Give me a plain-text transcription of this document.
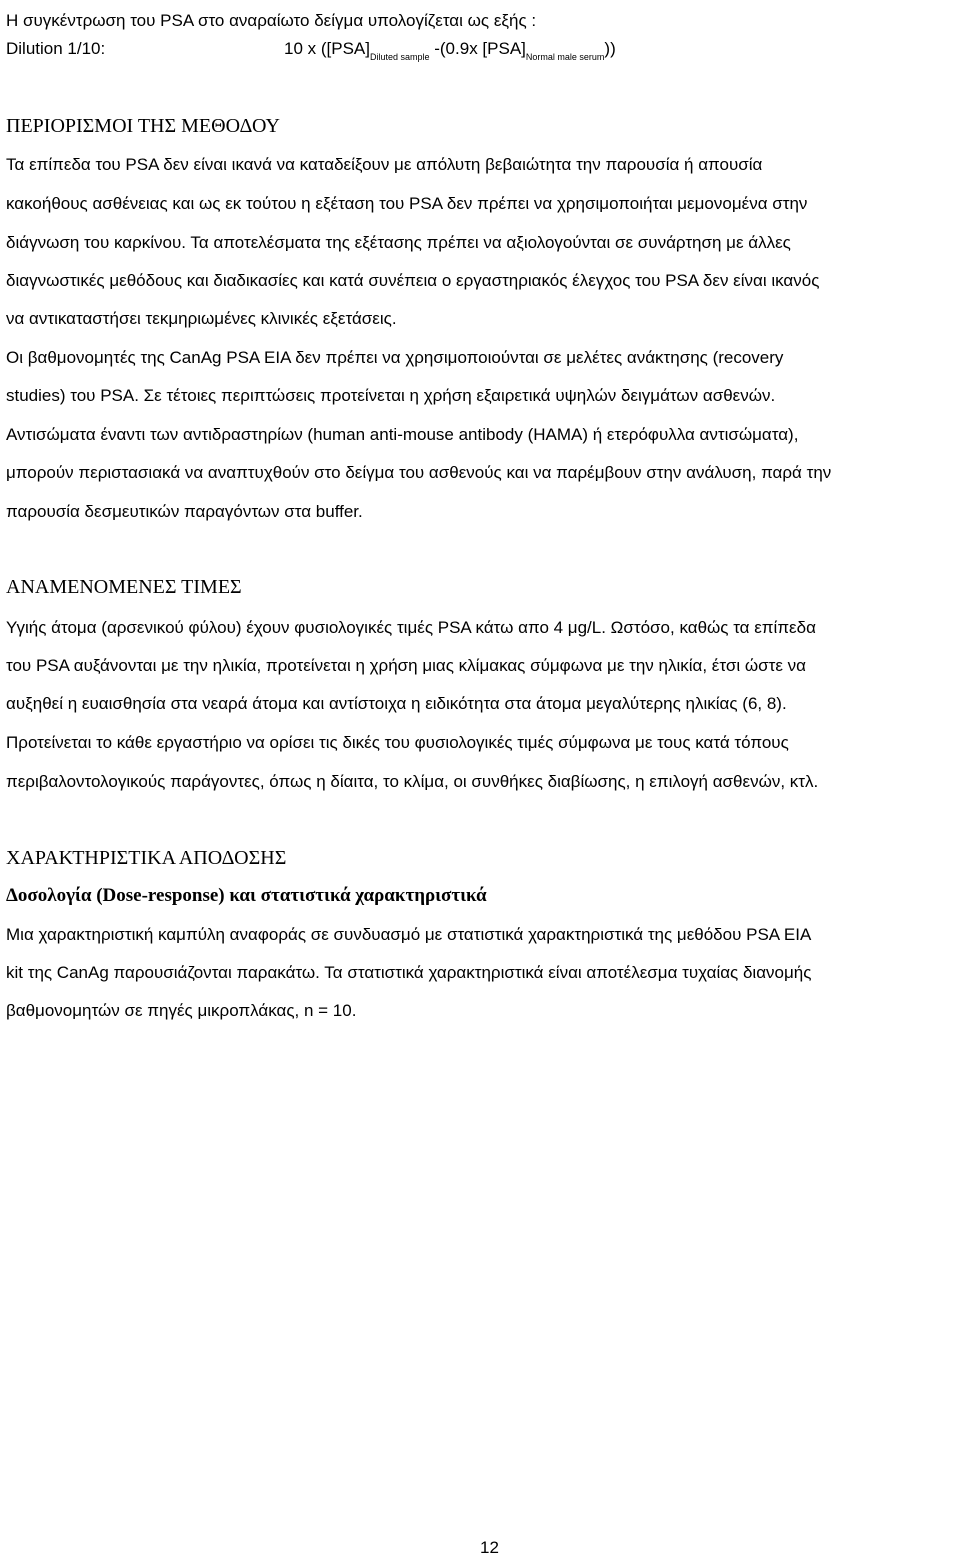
Η συγκέντρωση του PSA στο αναραίωτο δείγμα υπολογίζεται ως εξής :

Dilution 1/10:	10 x ($[PSA]_{Diluted sample}$ -(0.9x $[PSA]_{Normal male serum}$))
ΠΕΡΙΟΡΙΣΜΟΙ ΤΗΣ ΜΕΘΟΔΟΥ

Τα επίπεδα του PSA δεν είναι ικανά να καταδείξουν με απόλυτη βεβαιώτητα την παρουσία ή απουσία

κακοήθους ασθένειας και ως εκ τούτου η εξέταση του PSA δεν πρέπει να χρησιμοποιήται μεμονομένα στην

διάγνωση του καρκίνου. Τα αποτελέσματα της εξέτασης πρέπει να αξιολογούνται σε συνάρτηση με άλλες

διαγνωστικές μεθόδους και διαδικασίες και κατά συνέπεια ο εργαστηριακός έλεγχος του PSA δεν είναι ικανός

να αντικαταστήσει τεκμηριωμένες κλινικές εξετάσεις.

Οι βαθμονομητές της CanAg PSA EIA δεν πρέπει να χρησιμοποιούνται σε μελέτες ανάκτησης (recovery

studies) του PSA. Σε τέτοιες περιπτώσεις προτείνεται η χρήση εξαιρετικά υψηλών δειγμάτων ασθενών.

Αντισώματα έναντι των αντιδραστηρίων (human anti-mouse antibody (HAMA) ή ετερόφυλλα αντισώματα),

μπορούν περιστασιακά να αναπτυχθούν στο δείγμα του ασθενούς και να παρέμβουν στην ανάλυση, παρά την

παρουσία δεσμευτικών παραγόντων στα buffer.

ΑΝΑΜΕΝΟΜΕΝΕΣ ΤΙΜΕΣ

Υγιής άτομα (αρσενικού φύλου) έχουν φυσιολογικές τιμές PSA κάτω απο 4 μg/L. Ωστόσο, καθώς τα επίπεδα

του PSA αυξάνονται με την ηλικία, προτείνεται η χρήση μιας κλίμακας σύμφωνα με την ηλικία, έτσι ώστε να

αυξηθεί η ευαισθησία στα νεαρά άτομα και αντίστοιχα η ειδικότητα στα άτομα μεγαλύτερης ηλικίας (6, 8).

Προτείνεται το κάθε εργαστήριο να ορίσει τις δικές του φυσιολογικές τιμές σύμφωνα με τους κατά τόπους

περιβαλοντολογικούς παράγοντες, όπως η δίαιτα, το κλίμα, οι συνθήκες διαβίωσης, η επιλογή ασθενών, κτλ.

ΧΑΡΑΚΤΗΡΙΣΤΙΚΑ ΑΠΟΔΟΣΗΣ
Δοσολογία (Dose-response) και στατιστικά χαρακτηριστικά

Μια χαρακτηριστική καμπύλη αναφοράς σε συνδυασμό με στατιστικά χαρακτηριστικά της μεθόδου PSA EIA

kit της CanAg παρουσιάζονται παρακάτω. Τα στατιστικά χαρακτηριστικά είναι αποτέλεσμα τυχαίας διανομής

βαθμονομητών σε πηγές μικροπλάκας, n = 10.

12
